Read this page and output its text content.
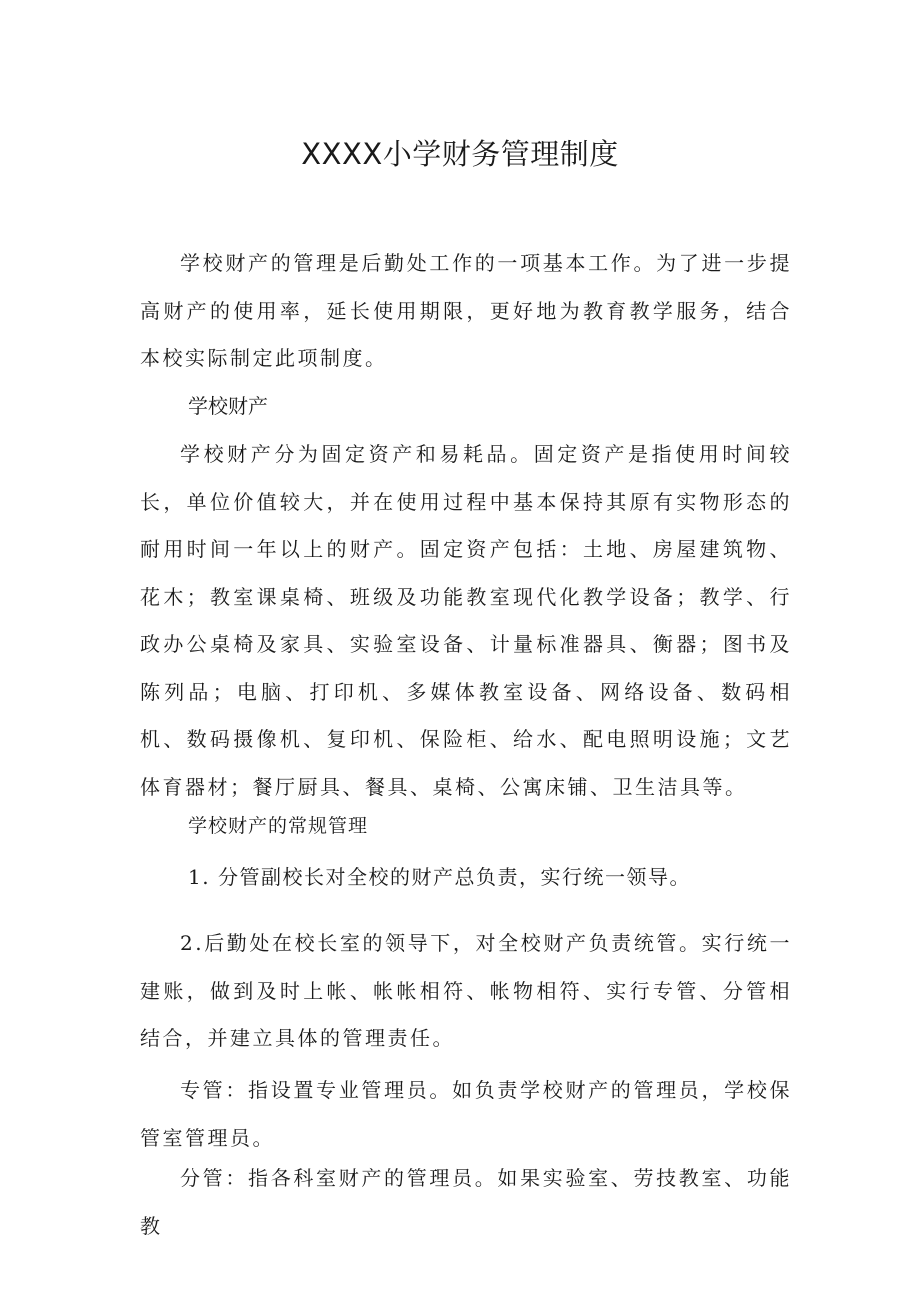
XXXX小学财务管理制度

学校财产的管理是后勤处工作的一项基本工作。为了进一步提高财产的使用率，延长使用期限，更好地为教育教学服务，结合本校实际制定此项制度。

学校财产

学校财产分为固定资产和易耗品。固定资产是指使用时间较长，单位价值较大，并在使用过程中基本保持其原有实物形态的耐用时间一年以上的财产。固定资产包括：土地、房屋建筑物、花木；教室课桌椅、班级及功能教室现代化教学设备；教学、行政办公桌椅及家具、实验室设备、计量标准器具、衡器；图书及陈列品；电脑、打印机、多媒体教室设备、网络设备、数码相机、数码摄像机、复印机、保险柜、给水、配电照明设施；文艺体育器材；餐厅厨具、餐具、桌椅、公寓床铺、卫生洁具等。

学校财产的常规管理
1. 分管副校长对全校的财产总负责，实行统一领导。

2.后勤处在校长室的领导下，对全校财产负责统管。实行统一建账，做到及时上帐、帐帐相符、帐物相符、实行专管、分管相结合，并建立具体的管理责任。

专管：指设置专业管理员。如负责学校财产的管理员，学校保管室管理员。

分管：指各科室财产的管理员。如果实验室、劳技教室、功能教
